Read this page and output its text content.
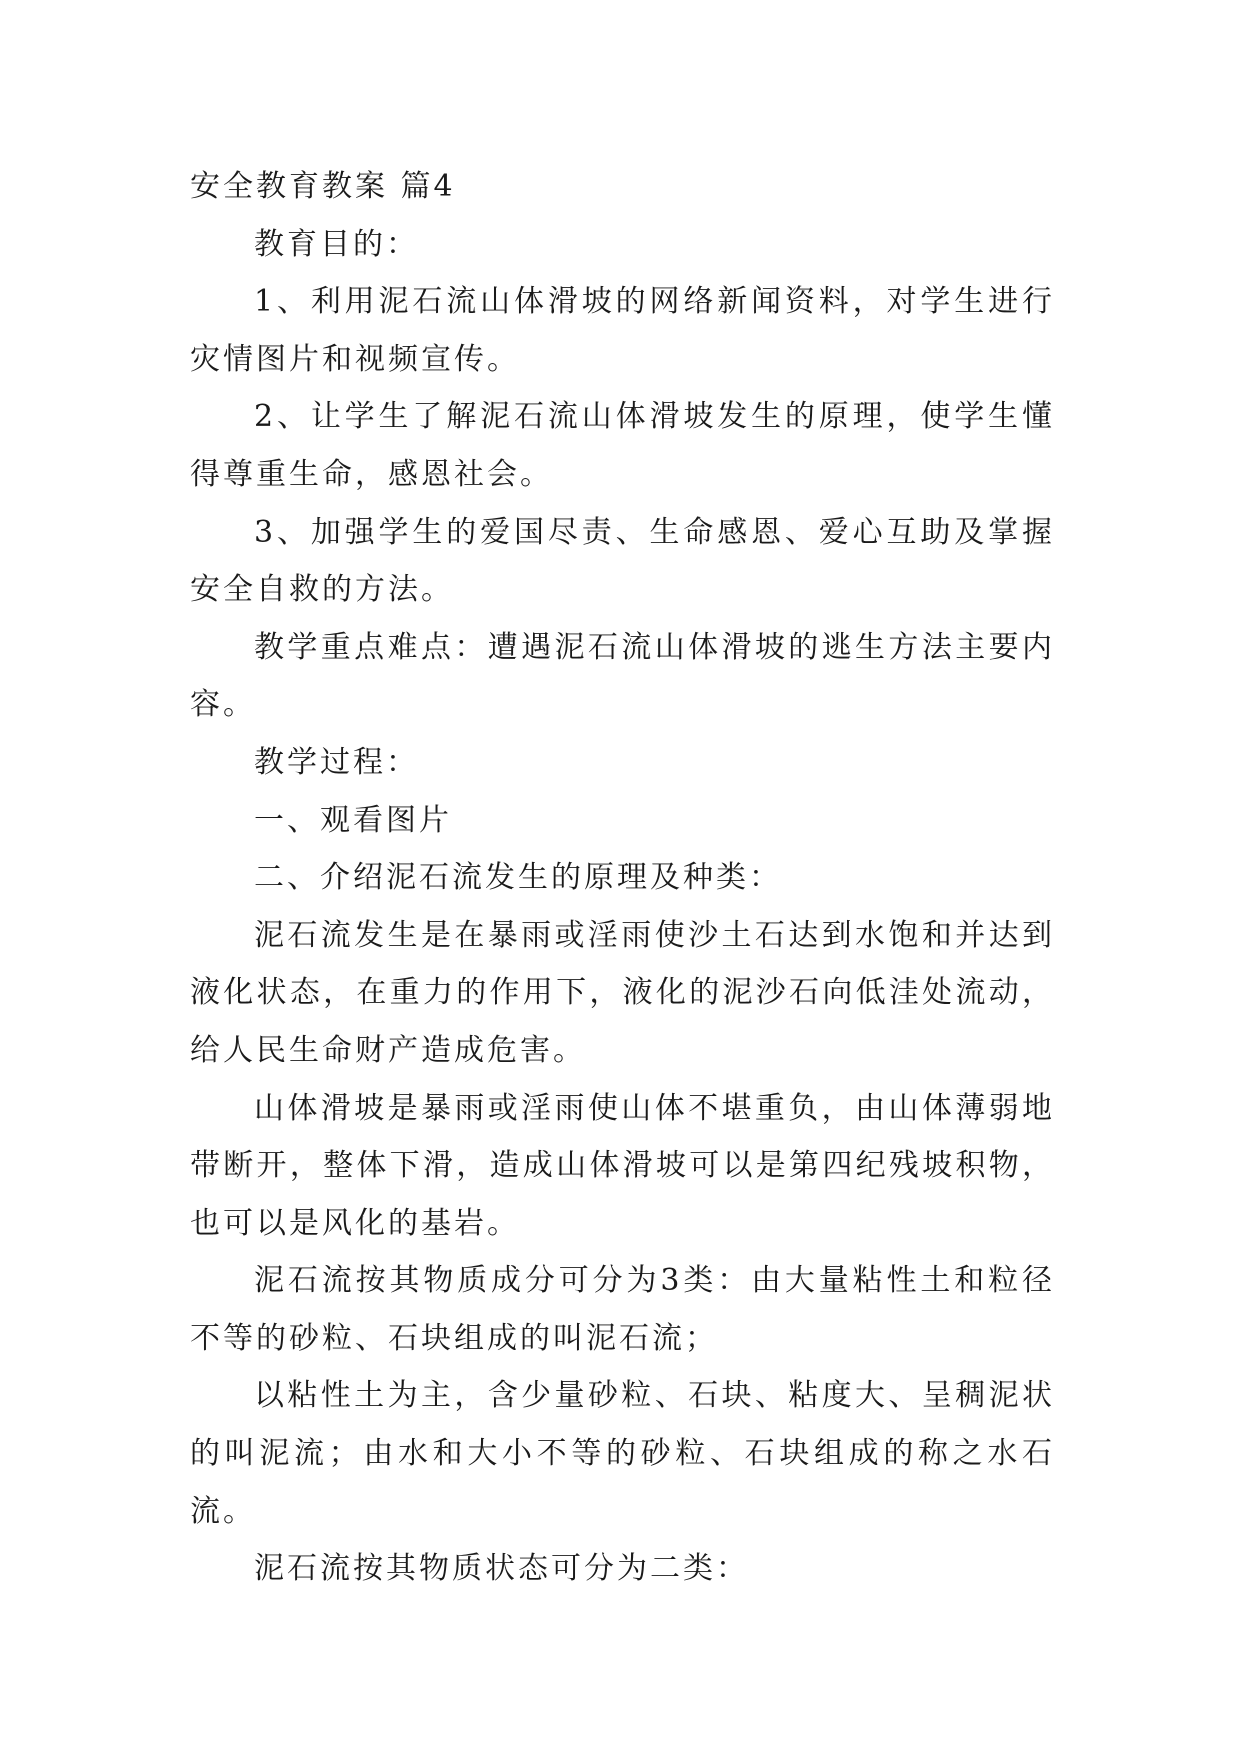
安全教育教案 篇4

教育目的：

1、利用泥石流山体滑坡的网络新闻资料，对学生进行灾情图片和视频宣传。

2、让学生了解泥石流山体滑坡发生的原理，使学生懂得尊重生命，感恩社会。

3、加强学生的爱国尽责、生命感恩、爱心互助及掌握安全自救的方法。

教学重点难点：遭遇泥石流山体滑坡的逃生方法主要内容。

教学过程：

一、观看图片

二、介绍泥石流发生的原理及种类：

泥石流发生是在暴雨或淫雨使沙土石达到水饱和并达到液化状态，在重力的作用下，液化的泥沙石向低洼处流动，给人民生命财产造成危害。

山体滑坡是暴雨或淫雨使山体不堪重负，由山体薄弱地带断开，整体下滑，造成山体滑坡可以是第四纪残坡积物，也可以是风化的基岩。

泥石流按其物质成分可分为3类：由大量粘性土和粒径不等的砂粒、石块组成的叫泥石流；

以粘性土为主，含少量砂粒、石块、粘度大、呈稠泥状的叫泥流；由水和大小不等的砂粒、石块组成的称之水石流。

泥石流按其物质状态可分为二类：
